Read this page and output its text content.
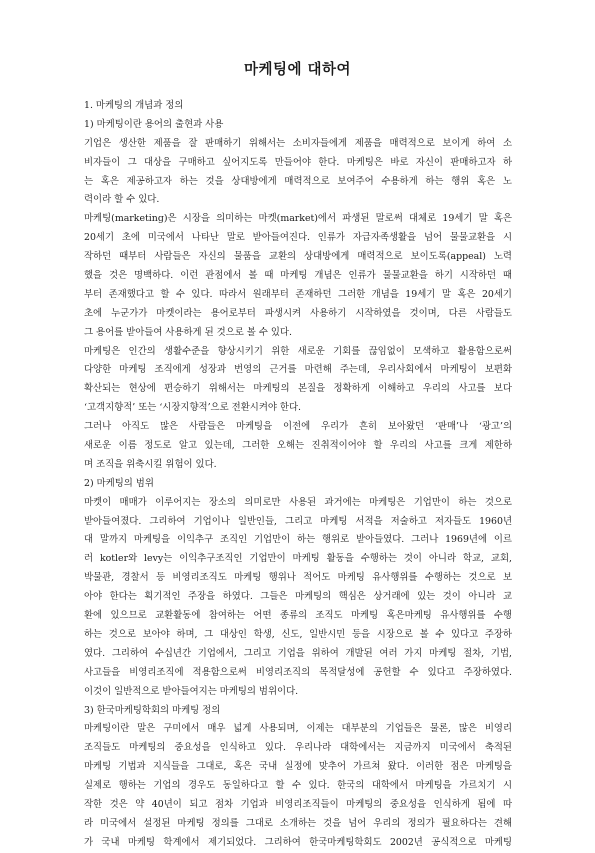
마케팅에 대하여
1. 마케팅의 개념과 정의
1) 마케팅이란 용어의 출현과 사용
기업은 생산한 제품을 잘 판매하기 위해서는 소비자들에게 제품을 매력적으로 보이게 하여 소
비자들이 그 대상을 구매하고 싶어지도록 만들어야 한다. 마케팅은 바로 자신이 판매하고자 하
는 혹은 제공하고자 하는 것을 상대방에게 매력적으로 보여주어 수용하게 하는 행위 혹은 노
력이라 할 수 있다.
마케팅(marketing)은 시장을 의미하는 마켓(market)에서 파생된 말로써 대체로 19세기 말 혹은
20세기 초에 미국에서 나타난 말로 받아들여진다. 인류가 자급자족생활을 넘어 물물교환을 시
작하던 때부터 사람들은 자신의 물품을 교환의 상대방에게 매력적으로 보이도록(appeal) 노력
했을 것은 명백하다. 이런 관점에서 볼 때 마케팅 개념은 인류가 물물교환을 하기 시작하던 때
부터 존재했다고 할 수 있다. 따라서 원래부터 존재하던 그러한 개념을 19세기 말 혹은 20세기
초에 누군가가 마켓이라는 용어로부터 파생시켜 사용하기 시작하였을 것이며, 다른 사람들도
그 용어를 받아들여 사용하게 된 것으로 볼 수 있다.
마케팅은 인간의 생활수준을 향상시키기 위한 새로운 기회를 끊임없이 모색하고 활용함으로써
다양한 마케팅 조직에게 성장과 번영의 근거를 마련해 주는데, 우리사회에서 마케팅이 보편화
확산되는 현상에 편승하기 위해서는 마케팅의 본질을 정확하게 이해하고 우리의 사고를 보다
‘고객지향적’ 또는 ‘시장지향적’으로 전환시켜야 한다.
그러나 아직도 많은 사람들은 마케팅을 이전에 우리가 흔히 보아왔던 ‘판매’나 ‘광고’의
새로운 이름 정도로 알고 있는데, 그러한 오해는 진취적이어야 할 우리의 사고를 크게 제한하
며 조직을 위축시킬 위험이 있다.
2) 마케팅의 범위
마켓이 매매가 이루어지는 장소의 의미로만 사용된 과거에는 마케팅은 기업만이 하는 것으로
받아들여졌다. 그리하여 기업이나 일반인들, 그리고 마케팅 서적을 저술하고 저자들도 1960년
대 말까지 마케팅을 이익추구 조직인 기업만이 하는 행위로 받아들였다. 그러나 1969년에 이르
러 kotler와 levy는 이익추구조직인 기업만이 마케팅 활동을 수행하는 것이 아니라 학교, 교회,
박물관, 경찰서 등 비영리조직도 마케팅 행위나 적어도 마케팅 유사행위를 수행하는 것으로 보
아야 한다는 획기적인 주장을 하였다. 그들은 마케팅의 핵심은 상거래에 있는 것이 아니라 교
환에 있으므로 교환활동에 참여하는 어떤 종류의 조직도 마케팅 혹은마케팅 유사행위를 수행
하는 것으로 보아야 하며, 그 대상인 학생, 신도, 일반시민 등을 시장으로 볼 수 있다고 주장하
였다. 그리하여 수십년간 기업에서, 그리고 기업을 위하여 개발된 여러 가지 마케팅 절차, 기법,
사고들을 비영리조직에 적용함으로써 비영리조직의 목적달성에 공헌할 수 있다고 주장하였다.
이것이 일반적으로 받아들여지는 마케팅의 범위이다.
3) 한국마케팅학회의 마케팅 정의
마케팅이란 말은 구미에서 매우 넓게 사용되며, 이제는 대부분의 기업들은 물론, 많은 비영리
조직들도 마케팅의 중요성을 인식하고 있다. 우리나라 대학에서는 지금까지 미국에서 축적된
마케팅 기법과 지식들을 그대로, 혹은 국내 실정에 맞추어 가르쳐 왔다. 이러한 점은 마케팅을
실제로 행하는 기업의 경우도 동일하다고 할 수 있다. 한국의 대학에서 마케팅을 가르치기 시
작한 것은 약 40년이 되고 점차 기업과 비영리조직들이 마케팅의 중요성을 인식하게 됨에 따
라 미국에서 설정된 마케팅 정의를 그대로 소개하는 것을 넘어 우리의 정의가 필요하다는 견해
가 국내 마케팅 학계에서 제기되었다. 그리하여 한국마케팅학회도 2002년 공식적으로 마케팅
